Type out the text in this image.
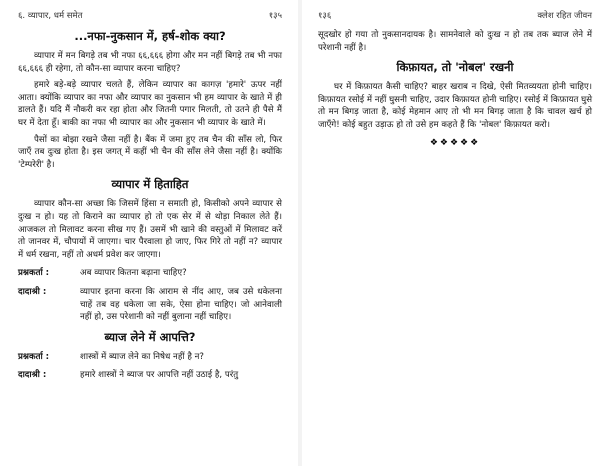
६. व्यापार, धर्म समेत	१३५
...नफा-नुकसान में, हर्ष-शोक क्या?

व्यापार में मन बिगड़े तब भी नफा ६६,६६६ होगा और मन नहीं बिगड़े तब भी नफा ६६,६६६ ही रहेगा, तो कौन-सा व्यापार करना चाहिए?

हमारे बड़े-बड़े व्यापार चलते हैं, लेकिन व्यापार का कागज़ 'हमारे' ऊपर नहीं आता। क्योंकि व्यापार का नफा और व्यापार का नुकसान भी हम व्यापार के खाते में ही डालते हैं। यदि मैं नौकरी कर रहा होता और जितनी पगार मिलती, तो उतने ही पैसे मैं घर में देता हूँ। बाकी का नफा भी व्यापार का और नुकसान भी व्यापार के खाते में।

पैसों का बोझा रखने जैसा नहीं है। बैंक में जमा हुए तब चैन की साँस लो, फिर जाएँ तब दुःख होता है। इस जगत् में कहीं भी चैन की साँस लेने जैसा नहीं है। क्योंकि 'टेम्परेरी' है।

व्यापार में हिताहित

व्यापार कौन-सा अच्छा कि जिसमें हिंसा न समाती हो, किसीको अपने व्यापार से दुःख न हो। यह तो किराने का व्यापार हो तो एक सेर में से थोड़ा निकाल लेते हैं। आजकल तो मिलावट करना सीख गए हैं। उसमें भी खाने की वस्तुओं में मिलावट करें तो जानवर में, चौपायों में जाएगा। चार पैरवाला हो जाए, फिर गिरे तो नहीं न? व्यापार में धर्म रखना, नहीं तो अधर्म प्रवेश कर जाएगा।

प्रश्नकर्ता :	अब व्यापार कितना बढ़ाना चाहिए?
दादाश्री :	व्यापार इतना करना कि आराम से नींद आए, जब उसे धकेलना चाहें तब वह धकेला जा सके, ऐसा होना चाहिए। जो आनेवाली नहीं हो, उस परेशानी को नहीं बुलाना नहीं चाहिए।
ब्याज लेने में आपत्ति?
प्रश्नकर्ता :	शास्त्रों में ब्याज लेने का निषेध नहीं है न?
दादाश्री :	हमारे शास्त्रों ने ब्याज पर आपत्ति नहीं उठाई है, परंतु
१३६	क्लेश रहित जीवन

सूदखोर हो गया तो नुकसानदायक है। सामनेवाले को दुःख न हो तब तक ब्याज लेने में परेशानी नहीं है।

किफ़ायत, तो 'नोबल' रखनी

घर में किफ़ायत कैसी चाहिए? बाहर खराब न दिखे, ऐसी मितव्ययता होनी चाहिए। किफ़ायत रसोई में नहीं घुसनी चाहिए, उदार किफ़ायत होनी चाहिए। रसोई में किफ़ायत घुसे तो मन बिगड़ जाता है, कोई मेहमान आए तो भी मन बिगड़ जाता है कि चावल खर्च हो जाएँगे! कोई बहुत उड़ाऊ हो तो उसे हम कहते हैं कि 'नोबल' किफ़ायत करो।

❖❖❖❖❖
